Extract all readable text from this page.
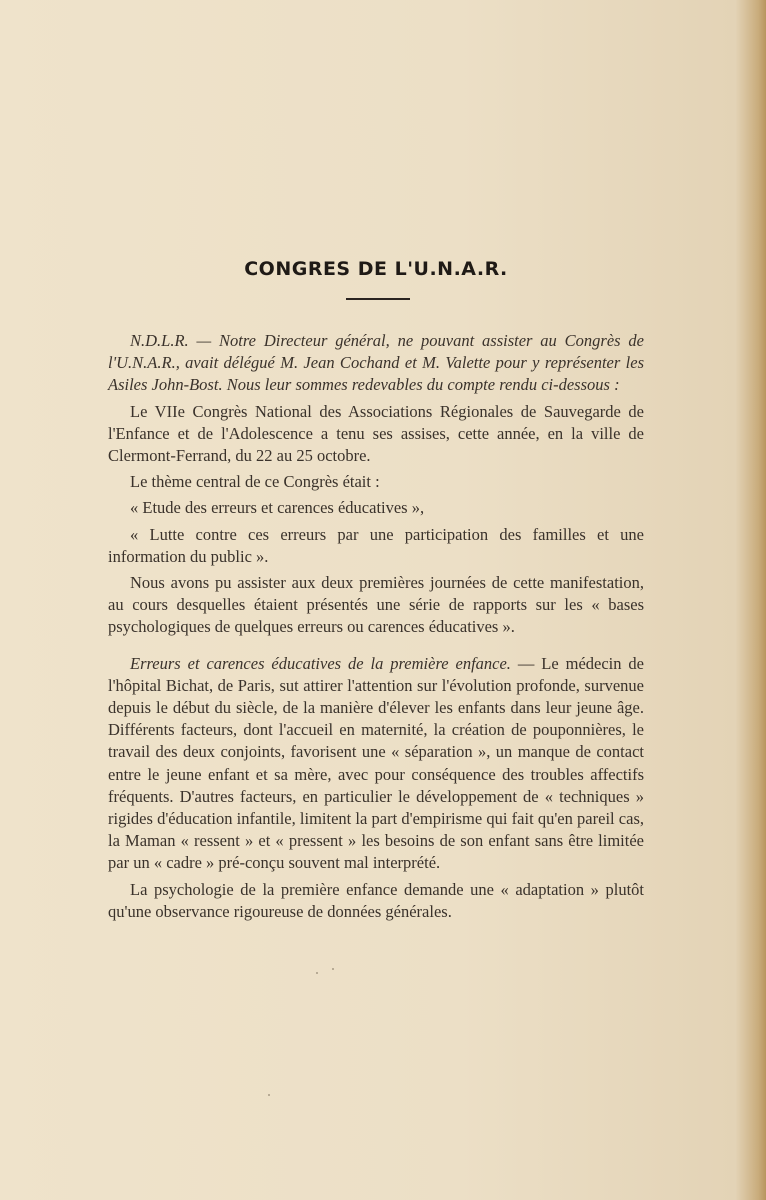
CONGRES DE L'U.N.A.R.

N.D.L.R. — Notre Directeur général, ne pouvant assister au Congrès de l'U.N.A.R., avait délégué M. Jean Cochand et M. Valette pour y représenter les Asiles John-Bost. Nous leur sommes redevables du compte rendu ci-dessous :

Le VIIe Congrès National des Associations Régionales de Sauvegarde de l'Enfance et de l'Adolescence a tenu ses assises, cette année, en la ville de Clermont-Ferrand, du 22 au 25 octobre.

Le thème central de ce Congrès était :

« Etude des erreurs et carences éducatives »,

« Lutte contre ces erreurs par une participation des familles et une information du public ».

Nous avons pu assister aux deux premières journées de cette manifestation, au cours desquelles étaient présentés une série de rapports sur les « bases psychologiques de quelques erreurs ou carences éducatives ».

Erreurs et carences éducatives de la première enfance. — Le médecin de l'hôpital Bichat, de Paris, sut attirer l'attention sur l'évolution profonde, survenue depuis le début du siècle, de la manière d'élever les enfants dans leur jeune âge. Différents facteurs, dont l'accueil en maternité, la création de pouponnières, le travail des deux conjoints, favorisent une « séparation », un manque de contact entre le jeune enfant et sa mère, avec pour conséquence des troubles affectifs fréquents. D'autres facteurs, en particulier le développement de « techniques » rigides d'éducation infantile, limitent la part d'empirisme qui fait qu'en pareil cas, la Maman « ressent » et « pressent » les besoins de son enfant sans être limitée par un « cadre » pré-conçu souvent mal interprété.

La psychologie de la première enfance demande une « adaptation » plutôt qu'une observance rigoureuse de données générales.
